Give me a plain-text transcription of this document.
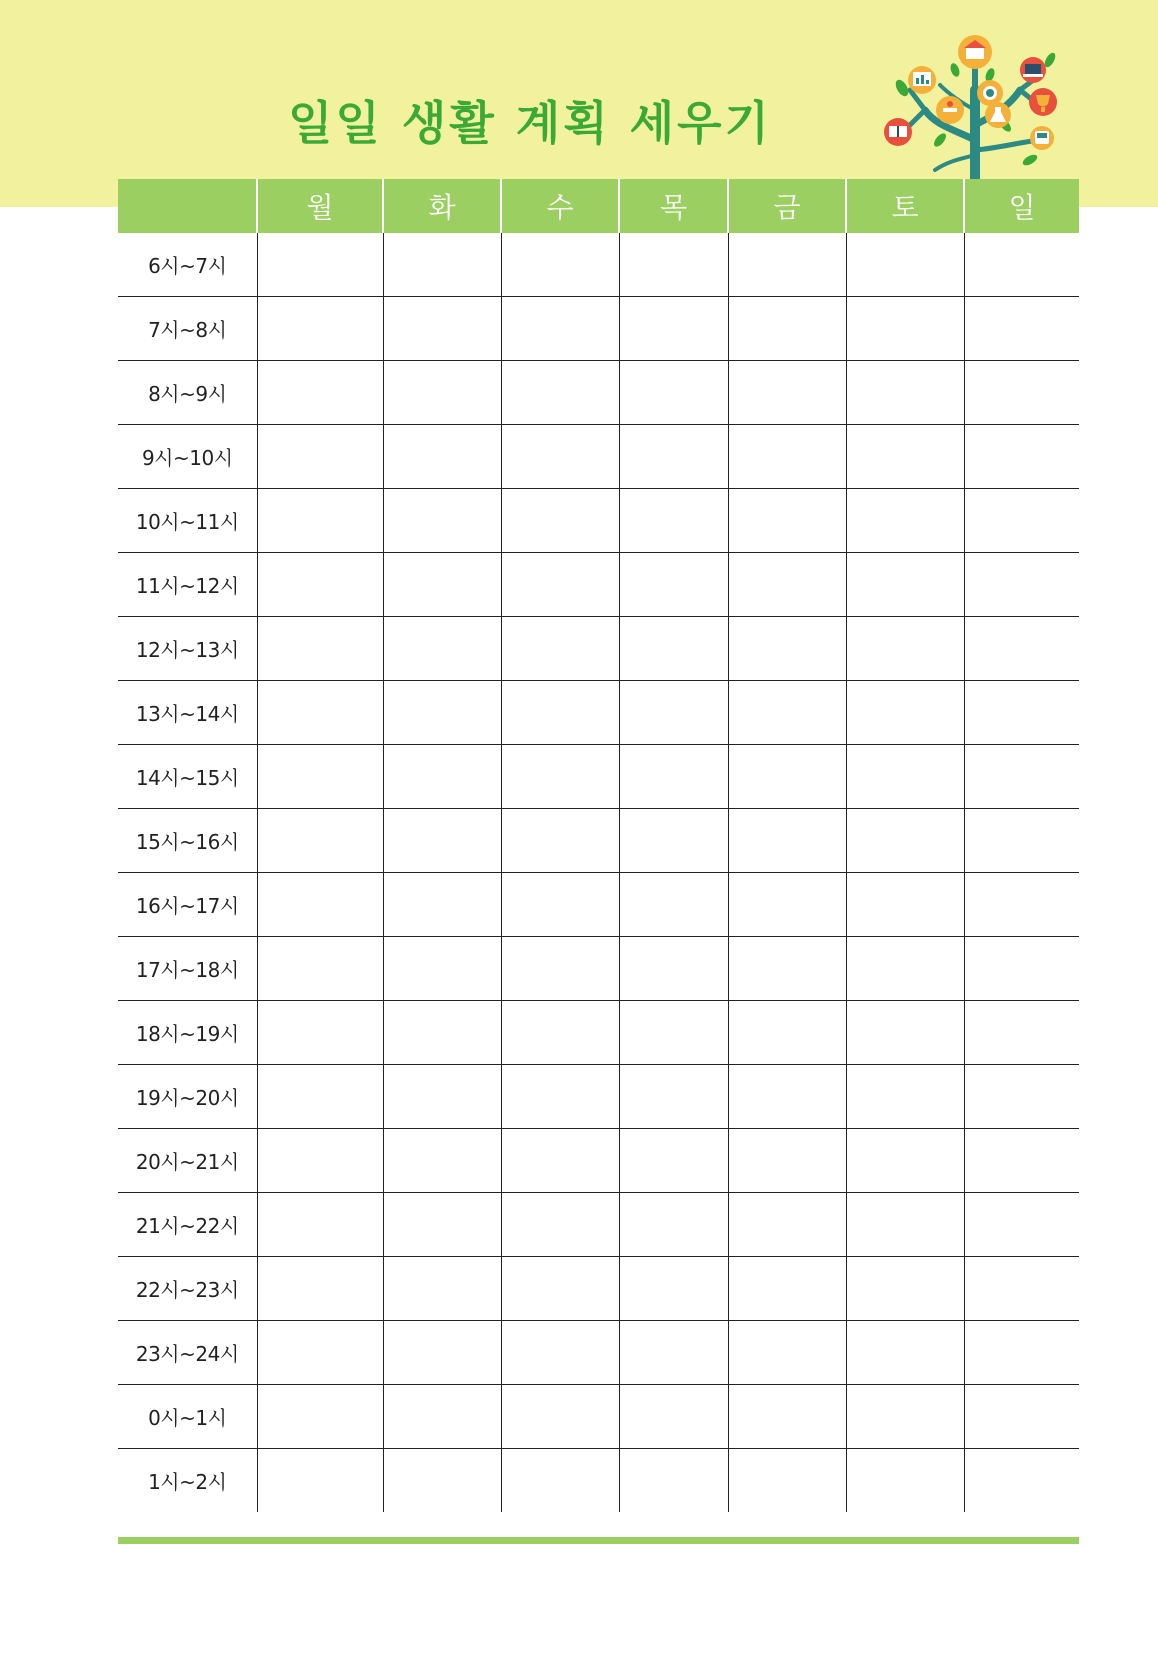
일일 생활 계획 세우기
	월	화	수	목	금	토	일
6시~7시							
7시~8시							
8시~9시							
9시~10시							
10시~11시							
11시~12시							
12시~13시							
13시~14시							
14시~15시							
15시~16시							
16시~17시							
17시~18시							
18시~19시							
19시~20시							
20시~21시							
21시~22시							
22시~23시							
23시~24시							
0시~1시							
1시~2시							
